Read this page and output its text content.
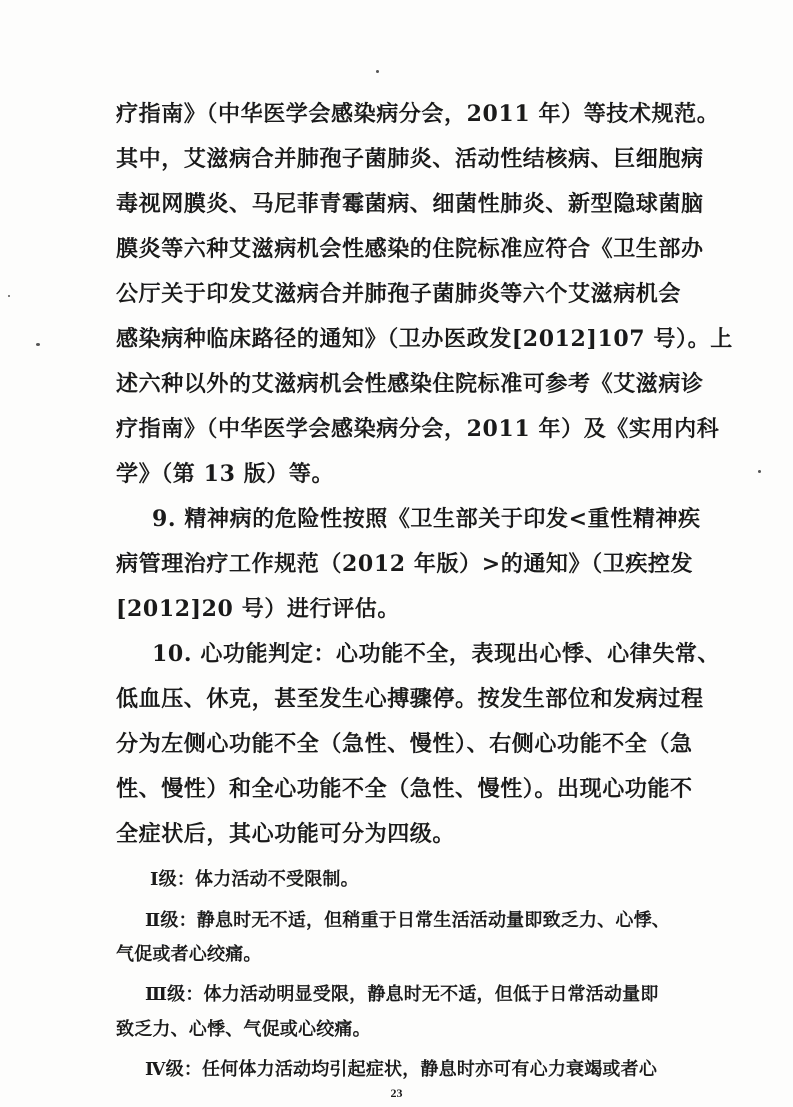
疗指南》（中华医学会感染病分会，2011 年）等技术规范。
其中，艾滋病合并肺孢子菌肺炎、活动性结核病、巨细胞病
毒视网膜炎、马尼菲青霉菌病、细菌性肺炎、新型隐球菌脑
膜炎等六种艾滋病机会性感染的住院标准应符合《卫生部办
公厅关于印发艾滋病合并肺孢子菌肺炎等六个艾滋病机会
感染病种临床路径的通知》（卫办医政发[2012]107 号）。上
述六种以外的艾滋病机会性感染住院标准可参考《艾滋病诊
疗指南》（中华医学会感染病分会，2011 年）及《实用内科
学》（第 13 版）等。
9. 精神病的危险性按照《卫生部关于印发<重性精神疾
病管理治疗工作规范（2012 年版）>的通知》（卫疾控发
[2012]20 号）进行评估。
10. 心功能判定：心功能不全，表现出心悸、心律失常、
低血压、休克，甚至发生心搏骤停。按发生部位和发病过程
分为左侧心功能不全（急性、慢性）、右侧心功能不全（急
性、慢性）和全心功能不全（急性、慢性）。出现心功能不
全症状后，其心功能可分为四级。
Ⅰ级：体力活动不受限制。
Ⅱ级：静息时无不适，但稍重于日常生活活动量即致乏力、心悸、
气促或者心绞痛。
Ⅲ级：体力活动明显受限，静息时无不适，但低于日常活动量即
致乏力、心悸、气促或心绞痛。
Ⅳ级：任何体力活动均引起症状，静息时亦可有心力衰竭或者心
23
